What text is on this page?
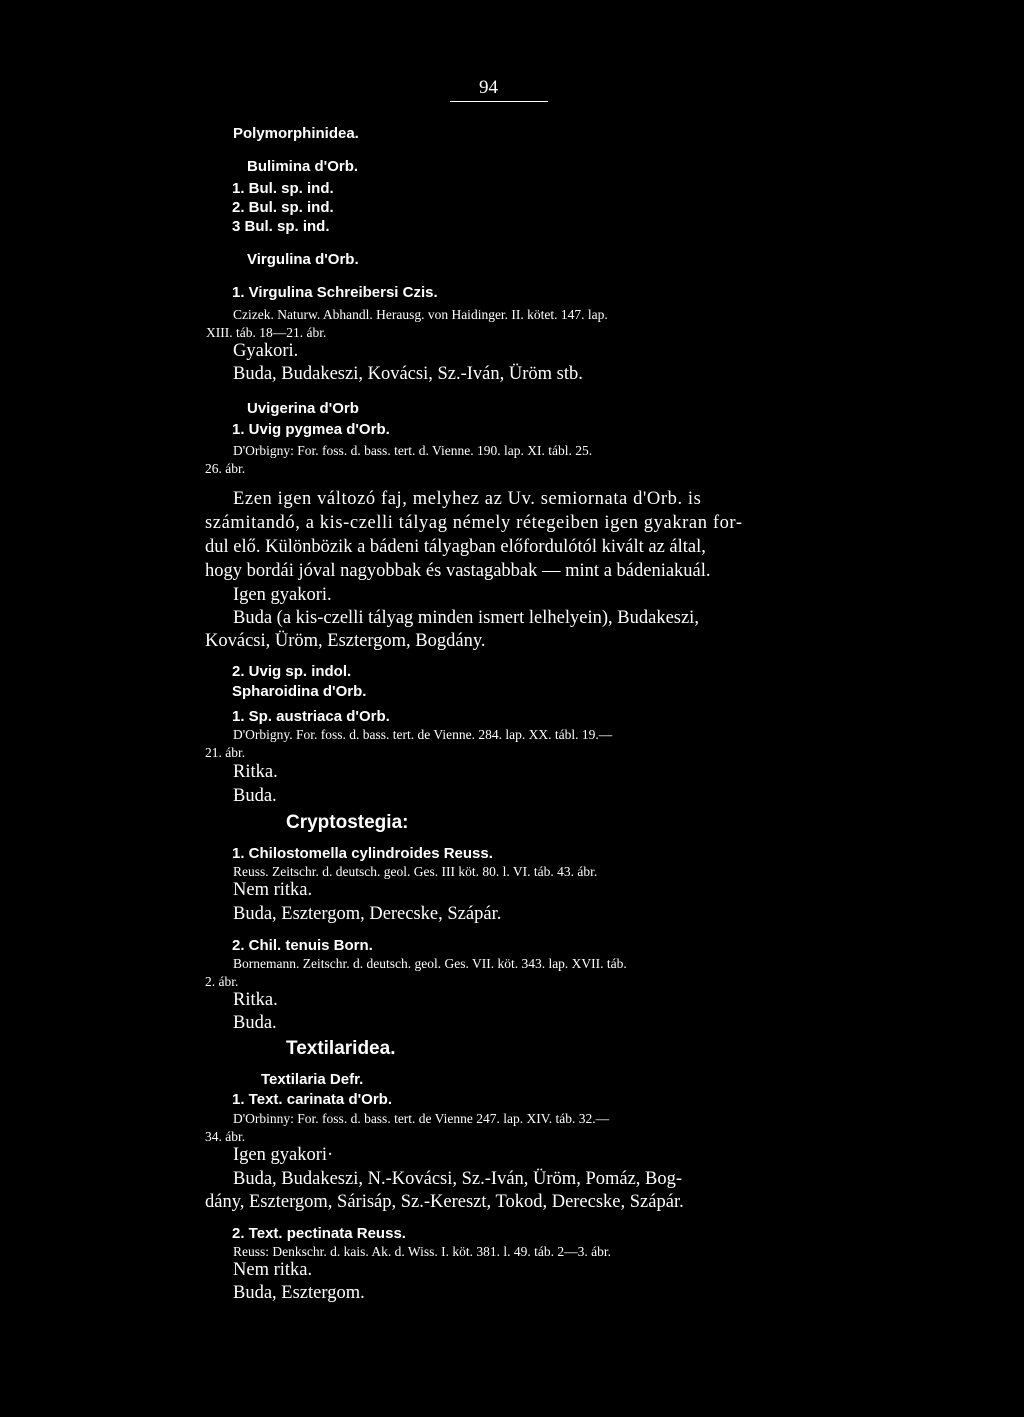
94
Polymorphinidea.
Bulimina d'Orb.
1. Bul. sp. ind.
2. Bul. sp. ind.
3 Bul. sp. ind.
Virgulina d'Orb.
1. Virgulina Schreibersi Czis.
Czizek. Naturw. Abhandl. Herausg. von Haidinger. II. kötet. 147. lap.
XIII. táb. 18—21. ábr.
Gyakori.
Buda, Budakeszi, Kovácsi, Sz.-Iván, Üröm stb.
Uvigerina d'Orb
1. Uvig pygmea d'Orb.
D'Orbigny: For. foss. d. bass. tert. d. Vienne. 190. lap. XI. tábl. 25.
26. ábr.
Ezen igen változó faj, melyhez az Uv. semiornata d'Orb. is
számitandó, a kis-czelli tályag némely rétegeiben igen gyakran for-
dul elő. Különbözik a bádeni tályagban előfordulótól kivált az által,
hogy bordái jóval nagyobbak és vastagabbak — mint a bádeniakuál.
Igen gyakori.
Buda (a kis-czelli tályag minden ismert lelhelyein), Budakeszi,
Kovácsi, Üröm, Esztergom, Bogdány.
2. Uvig sp. indol.
Spharoidina d'Orb.
1. Sp. austriaca d'Orb.
D'Orbigny. For. foss. d. bass. tert. de Vienne. 284. lap. XX. tábl. 19.—
21. ábr.
Ritka.
Buda.
Cryptostegia:
1. Chilostomella cylindroides Reuss.
Reuss. Zeitschr. d. deutsch. geol. Ges. III köt. 80. l. VI. táb. 43. ábr.
Nem ritka.
Buda, Esztergom, Derecske, Szápár.
2. Chil. tenuis Born.
Bornemann. Zeitschr. d. deutsch. geol. Ges. VII. köt. 343. lap. XVII. táb.
2. ábr.
Ritka.
Buda.
Textilaridea.
Textilaria Defr.
1. Text. carinata d'Orb.
D'Orbinny: For. foss. d. bass. tert. de Vienne 247. lap. XIV. táb. 32.—
34. ábr.
Igen gyakori·
Buda, Budakeszi, N.-Kovácsi, Sz.-Iván, Üröm, Pomáz, Bog-
dány, Esztergom, Sárisáp, Sz.-Kereszt, Tokod, Derecske, Szápár.
2. Text. pectinata Reuss.
Reuss: Denkschr. d. kais. Ak. d. Wiss. I. köt. 381. l. 49. táb. 2—3. ábr.
Nem ritka.
Buda, Esztergom.
